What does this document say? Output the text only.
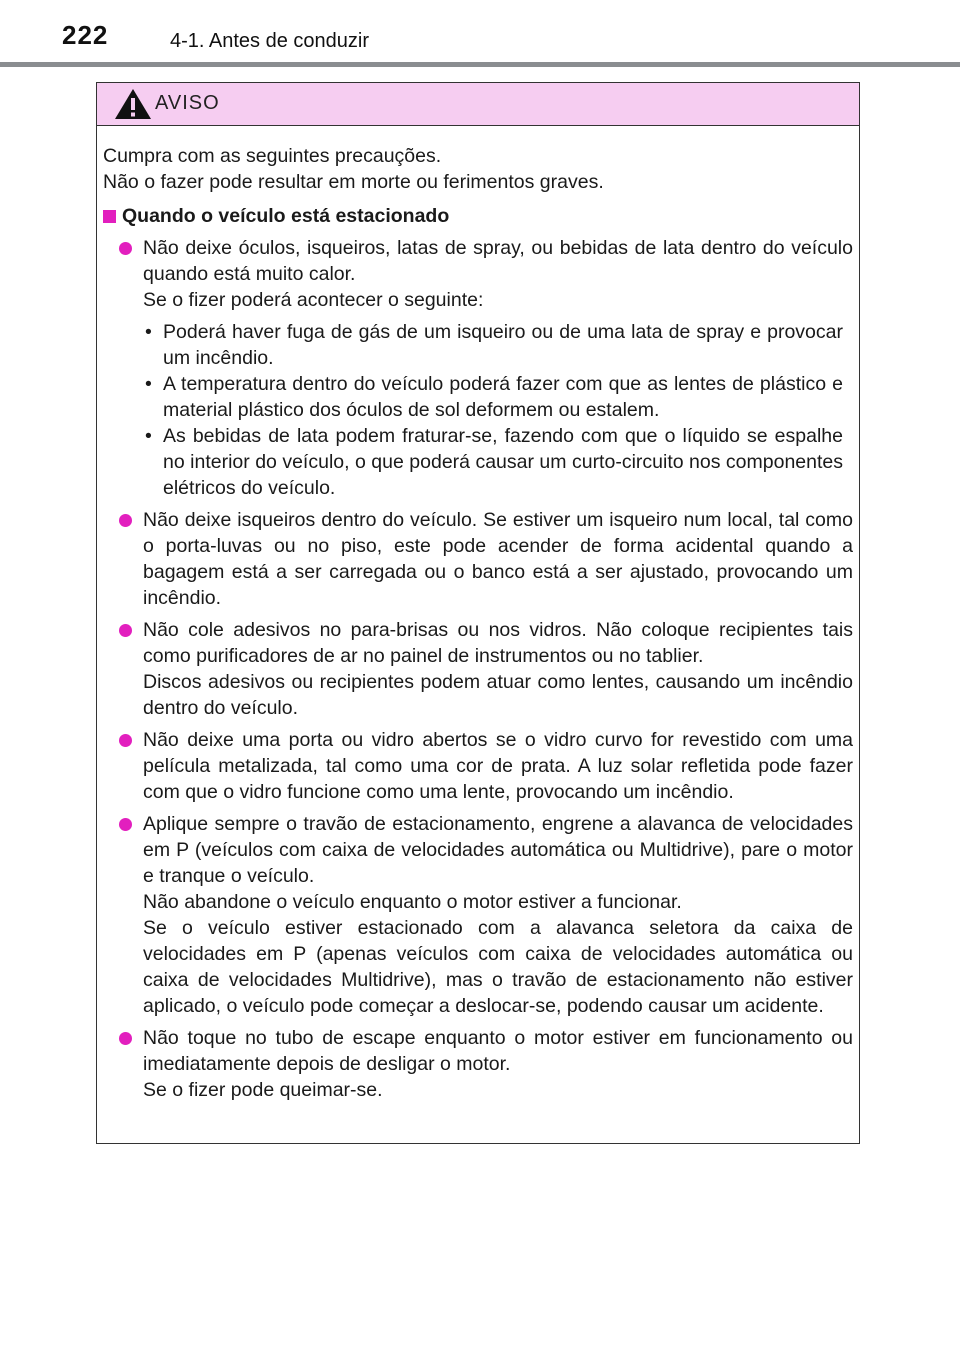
222	4-1. Antes de conduzir
AVISO

Cumpra com as seguintes precauções.

Não o fazer pode resultar em morte ou ferimentos graves.

Quando o veículo está estacionado

Não deixe óculos, isqueiros, latas de spray, ou bebidas de lata dentro do veículo quando está muito calor.

Se o fizer poderá acontecer o seguinte:

• Poderá haver fuga de gás de um isqueiro ou de uma lata de spray e provocar um incêndio.
• A temperatura dentro do veículo poderá fazer com que as lentes de plástico e material plástico dos óculos de sol deformem ou estalem.
• As bebidas de lata podem fraturar-se, fazendo com que o líquido se espalhe no interior do veículo, o que poderá causar um curto-circuito nos componentes elétricos do veículo.

Não deixe isqueiros dentro do veículo. Se estiver um isqueiro num local, tal como o porta-luvas ou no piso, este pode acender de forma acidental quando a bagagem está a ser carregada ou o banco está a ser ajustado, provocando um incêndio.

Não cole adesivos no para-brisas ou nos vidros. Não coloque recipientes tais como purificadores de ar no painel de instrumentos ou no tablier.

Discos adesivos ou recipientes podem atuar como lentes, causando um incêndio dentro do veículo.

Não deixe uma porta ou vidro abertos se o vidro curvo for revestido com uma película metalizada, tal como uma cor de prata. A luz solar refletida pode fazer com que o vidro funcione como uma lente, provocando um incêndio.

Aplique sempre o travão de estacionamento, engrene a alavanca de velocidades em P (veículos com caixa de velocidades automática ou Multidrive), pare o motor e tranque o veículo.

Não abandone o veículo enquanto o motor estiver a funcionar.

Se o veículo estiver estacionado com a alavanca seletora da caixa de velocidades em P (apenas veículos com caixa de velocidades automática ou caixa de velocidades Multidrive), mas o travão de estacionamento não estiver aplicado, o veículo pode começar a deslocar-se, podendo causar um acidente.

Não toque no tubo de escape enquanto o motor estiver em funcionamento ou imediatamente depois de desligar o motor.

Se o fizer pode queimar-se.
